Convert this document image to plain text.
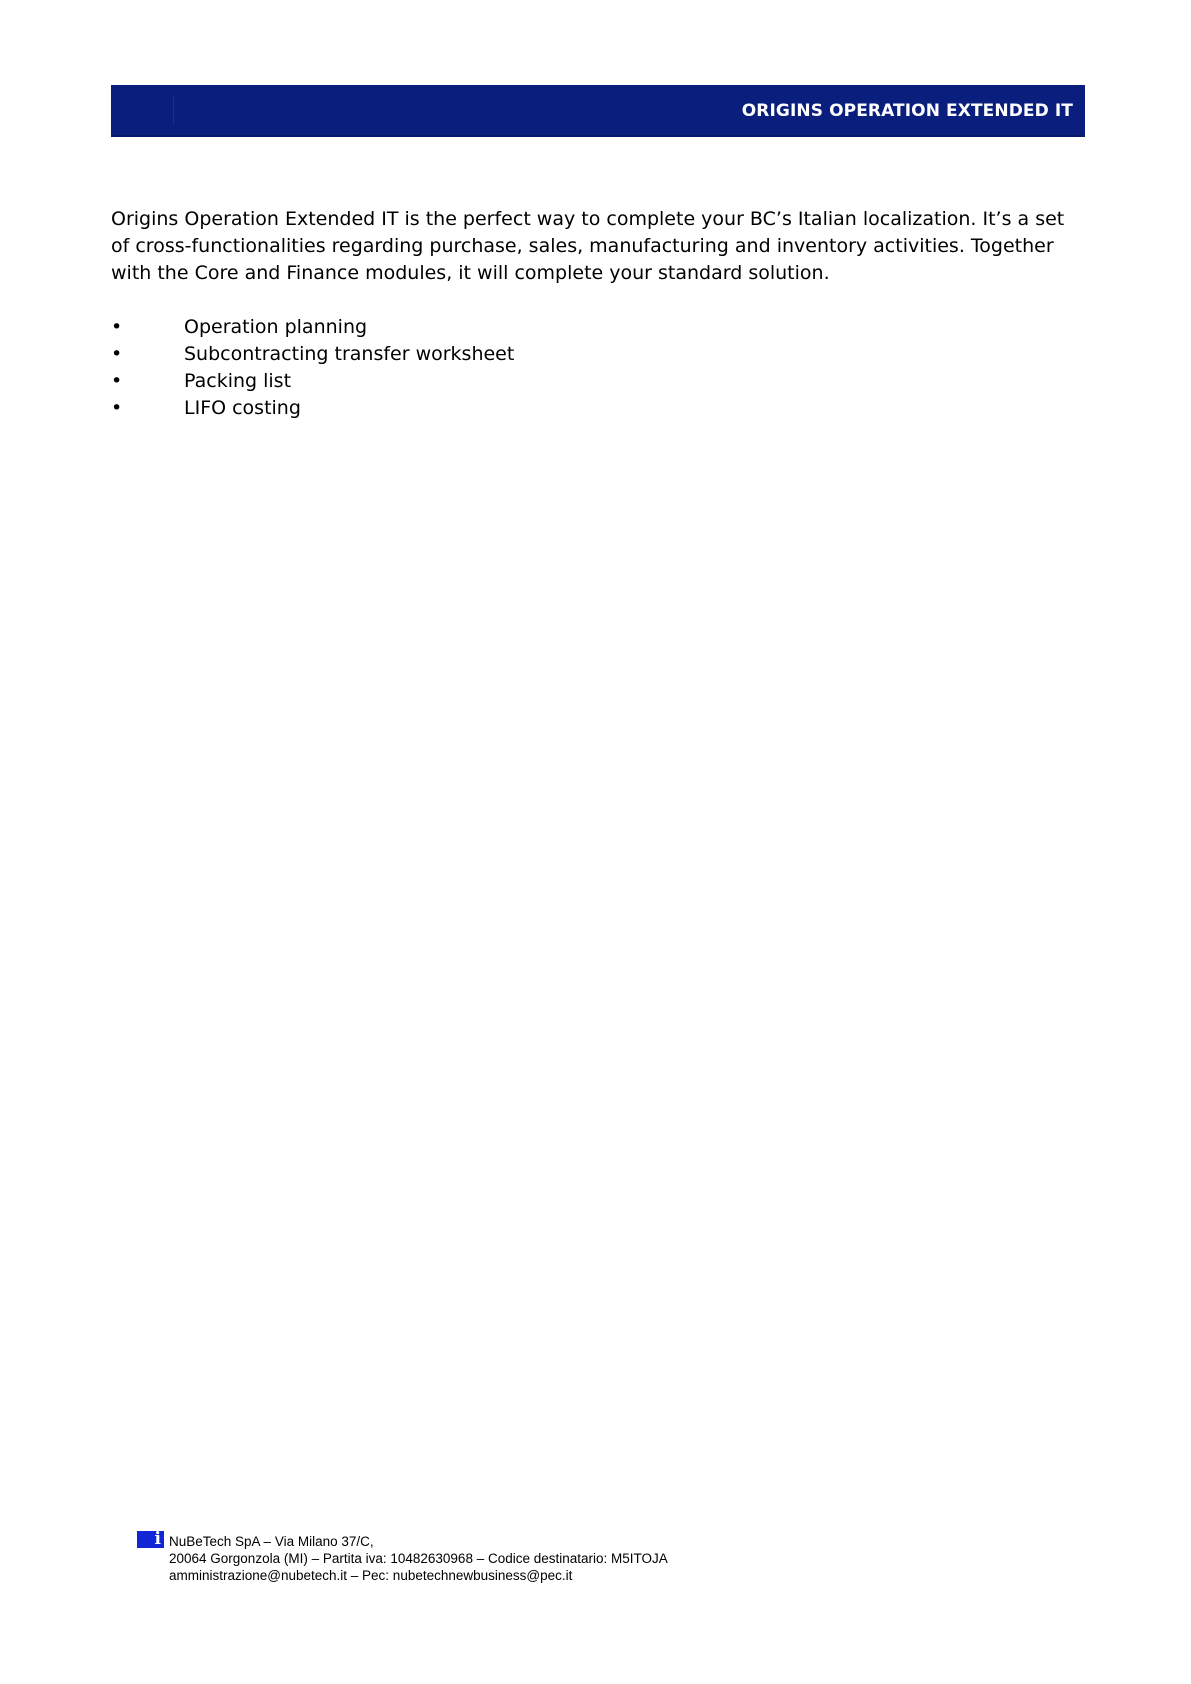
ORIGINS OPERATION EXTENDED IT

Origins Operation Extended IT is the perfect way to complete your BC’s Italian localization. It’s a set of cross-functionalities regarding purchase, sales, manufacturing and inventory activities. Together with the Core and Finance modules, it will complete your standard solution.

•	Operation planning
•	Subcontracting transfer worksheet
•	Packing list
•	LIFO costing
i NuBeTech SpA – Via Milano 37/C,
20064 Gorgonzola (MI) – Partita iva: 10482630968 – Codice destinatario: M5ITOJA
amministrazione@nubetech.it – Pec: nubetechnewbusiness@pec.it
